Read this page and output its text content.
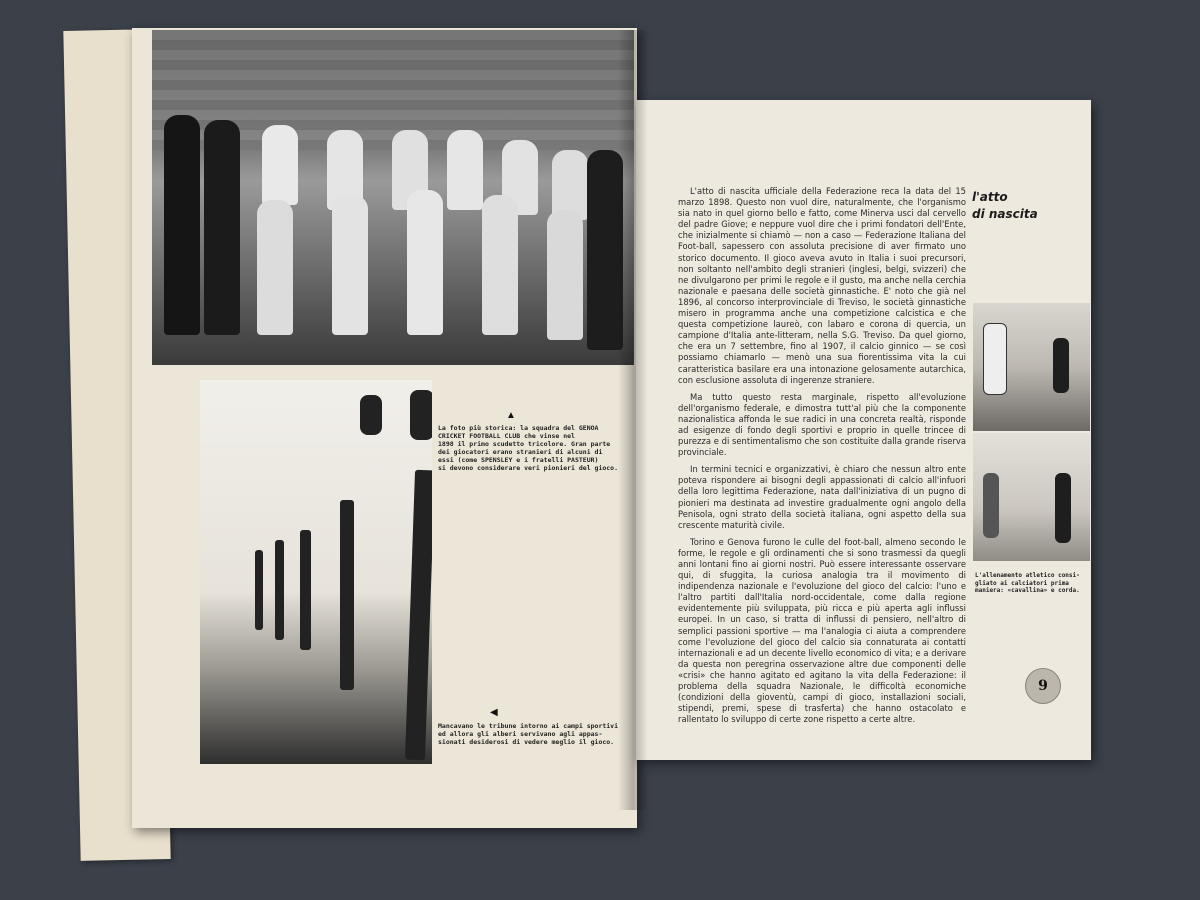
▲
La foto più storica: la squadra del GENOA
CRICKET FOOTBALL CLUB che vinse nel
1898 il primo scudetto tricolore. Gran parte
dei giocatori erano stranieri di alcuni di
essi (come SPENSLEY e i fratelli PASTEUR)
si devono considerare veri pionieri del gioco.
◀
Mancavano le tribune intorno ai campi sportivi
ed allora gli alberi servivano agli appas-
sionati desiderosi di vedere meglio il gioco.
L'allenamento atletico consi-
gliato ai calciatori prima
maniera: «cavallina» e corda.
l'atto
di nascita

L'atto di nascita ufficiale della Federazione reca la data del 15 marzo 1898. Questo non vuol dire, naturalmente, che l'organismo sia nato in quel giorno bello e fatto, come Minerva usci dal cervello del padre Giove; e neppure vuol dire che i primi fondatori dell'Ente, che inizialmente si chiamò — non a caso — Federazione Italiana del Foot-ball, sapessero con assoluta precisione di aver firmato uno storico documento. Il gioco aveva avuto in Italia i suoi precursori, non soltanto nell'ambito degli stranieri (inglesi, belgi, svizzeri) che ne divulgarono per primi le regole e il gusto, ma anche nella cerchia nazionale e paesana delle società ginnastiche. E' noto che già nel 1896, al concorso interprovinciale di Treviso, le società ginnastiche misero in programma anche una competizione calcistica e che questa competizione laureò, con labaro e corona di quercia, un campione d'Italia ante-litteram, nella S.G. Treviso. Da quel giorno, che era un 7 settembre, fino al 1907, il calcio ginnico — se così possiamo chiamarlo — menò una sua fiorentissima vita la cui caratteristica basilare era una intonazione gelosamente autarchica, con esclusione assoluta di ingerenze straniere.

Ma tutto questo resta marginale, rispetto all'evoluzione dell'organismo federale, e dimostra tutt'al più che la componente nazionalistica affonda le sue radici in una concreta realtà, risponde ad esigenze di fondo degli sportivi e proprio in quelle trincee di purezza e di sentimentalismo che son costituite dalla grande riserva provinciale.

In termini tecnici e organizzativi, è chiaro che nessun altro ente poteva rispondere ai bisogni degli appassionati di calcio all'infuori della loro legittima Federazione, nata dall'iniziativa di un pugno di pionieri ma destinata ad investire gradualmente ogni angolo della Penisola, ogni strato della società italiana, ogni aspetto della sua crescente maturità civile.

Torino e Genova furono le culle del foot-ball, almeno secondo le forme, le regole e gli ordinamenti che si sono trasmessi da quegli anni lontani fino ai giorni nostri. Può essere interessante osservare qui, di sfuggita, la curiosa analogia tra il movimento di indipendenza nazionale e l'evoluzione del gioco del calcio: l'uno e l'altro partiti dall'Italia nord-occidentale, come dalla regione evidentemente più sviluppata, più ricca e più aperta agli influssi europei. In un caso, si tratta di influssi di pensiero, nell'altro di semplici passioni sportive — ma l'analogia ci aiuta a comprendere come l'evoluzione del gioco del calcio sia connaturata ai contatti internazionali e ad un decente livello economico di vita; e a derivare da questa non peregrina osservazione altre due componenti delle «crisi» che hanno agitato ed agitano la vita della Federazione: il problema della squadra Nazionale, le difficoltà economiche (condizioni della gioventù, campi di gioco, installazioni sociali, stipendi, premi, spese di trasferta) che hanno ostacolato e rallentato lo sviluppo di certe zone rispetto a certe altre.

9
